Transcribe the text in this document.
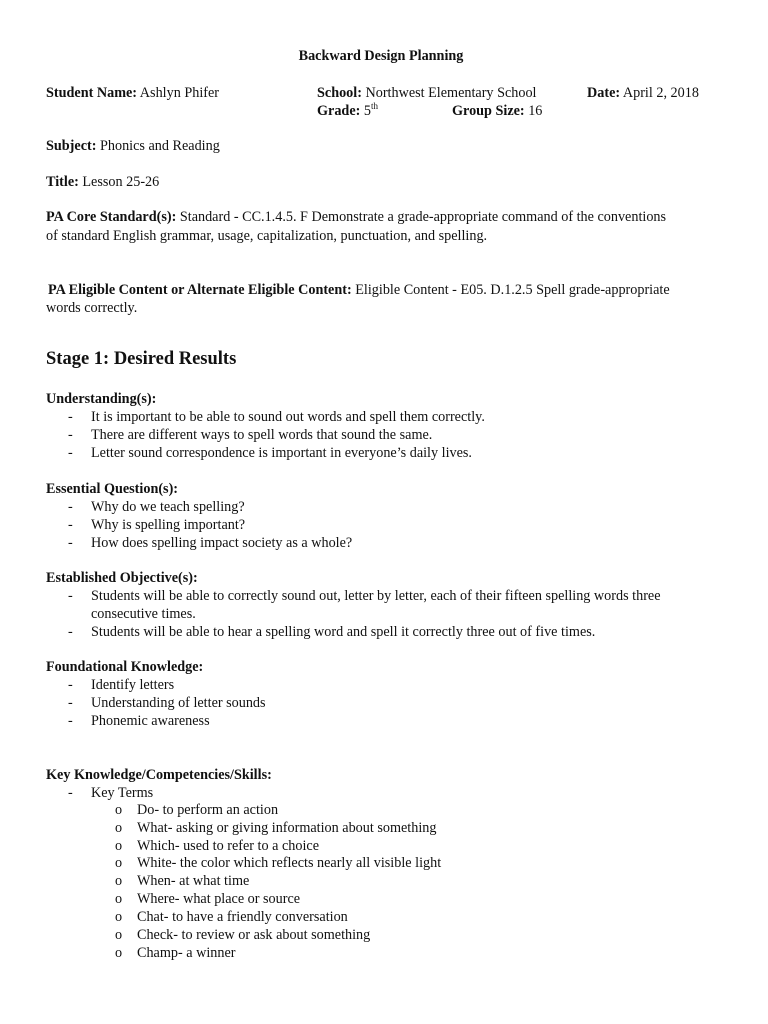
Backward Design Planning
Student Name: Ashlyn Phifer	School: Northwest Elementary School	Date: April 2, 2018
Grade: 5th	Group Size: 16
Subject: Phonics and Reading
Title: Lesson 25-26
PA Core Standard(s): Standard - CC.1.4.5. F Demonstrate a grade-appropriate command of the conventions
of standard English grammar, usage, capitalization, punctuation, and spelling.
PA Eligible Content or Alternate Eligible Content: Eligible Content - E05. D.1.2.5 Spell grade-appropriate
words correctly.
Stage 1: Desired Results
Understanding(s):
- It is important to be able to sound out words and spell them correctly.
- There are different ways to spell words that sound the same.
- Letter sound correspondence is important in everyone’s daily lives.
Essential Question(s):
- Why do we teach spelling?
- Why is spelling important?
- How does spelling impact society as a whole?
Established Objective(s):
- Students will be able to correctly sound out, letter by letter, each of their fifteen spelling words three
consecutive times.
- Students will be able to hear a spelling word and spell it correctly three out of five times.
Foundational Knowledge:
- Identify letters
- Understanding of letter sounds
- Phonemic awareness
Key Knowledge/Competencies/Skills:
- Key Terms
o Do- to perform an action
o What- asking or giving information about something
o Which- used to refer to a choice
o White- the color which reflects nearly all visible light
o When- at what time
o Where- what place or source
o Chat- to have a friendly conversation
o Check- to review or ask about something
o Champ- a winner
